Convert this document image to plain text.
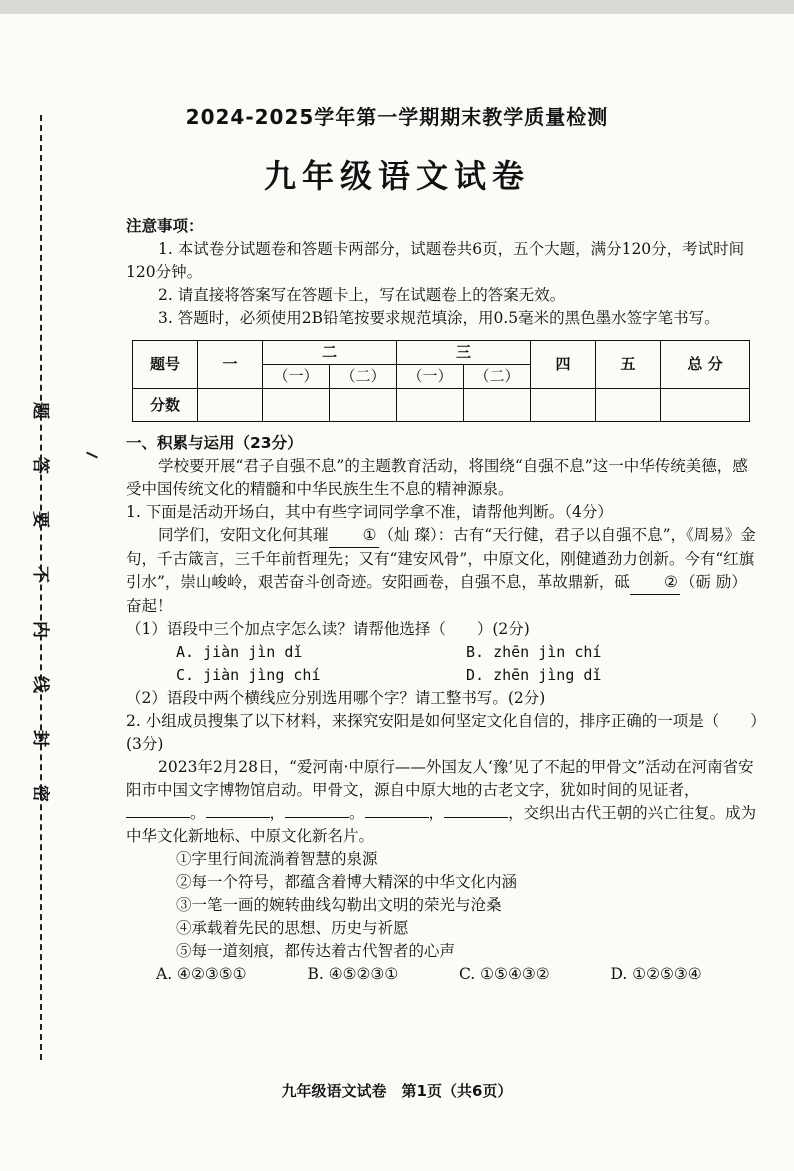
题
答
要
不
内
线
封
密
2024-2025学年第一学期期末教学质量检测
九年级语文试卷

注意事项：

1. 本试卷分试题卷和答题卡两部分，试题卷共6页，五个大题，满分120分，考试时间120分钟。

2. 请直接将答案写在答题卡上，写在试题卷上的答案无效。

3. 答题时，必须使用2B铅笔按要求规范填涂，用0.5毫米的黑色墨水签字笔书写。

题号	一	二		三		四	五	总 分
		（一）	（二）	（一）	（二）			
分数								

一、积累与运用（23分）

学校要开展“君子自强不息”的主题教育活动，将围绕“自强不息”这一中华传统美德，感受中国传统文化的精髓和中华民族生生不息的精神源泉。

1. 下面是活动开场白，其中有些字词同学拿不准，请帮他判断。（4分）

同学们，安阳文化何其璀 ① （灿 璨）：古有“天行健，君子以自强不息”，《周易》金句，千古箴言，三千年前哲理先；又有“建安风骨”，中原文化，刚健遒劲力创新。今有“红旗引水”，崇山峻岭，艰苦奋斗创奇迹。安阳画卷，自强不息，革故鼎新，砥 ② （砺 励）奋起！

（1）语段中三个加点字怎么读？请帮他选择（　　）(2分)

A. jiàn jìn dǐ	B. zhēn jìn chí
C. jiàn jìng chí	D. zhēn jìng dǐ

（2）语段中两个横线应分别选用哪个字？请工整书写。(2分)

2. 小组成员搜集了以下材料，来探究安阳是如何坚定文化自信的，排序正确的一项是（　　）(3分)

2023年2月28日，“爱河南·中原行——外国友人‘豫’见了不起的甲骨文”活动在河南省安阳市中国文字博物馆启动。甲骨文，源自中原大地的古老文字，犹如时间的见证者，。	，	。	，	，交织出古代王朝的兴亡往复。成为中华文化新地标、中原文化新名片。

①字里行间流淌着智慧的泉源

②每一个符号，都蕴含着博大精深的中华文化内涵

③一笔一画的婉转曲线勾勒出文明的荣光与沧桑

④承载着先民的思想、历史与祈愿

⑤每一道刻痕，都传达着古代智者的心声

A. ④②③⑤①	B. ④⑤②③①	C. ①⑤④③②	D. ①②⑤③④
九年级语文试卷　第1页（共6页）
